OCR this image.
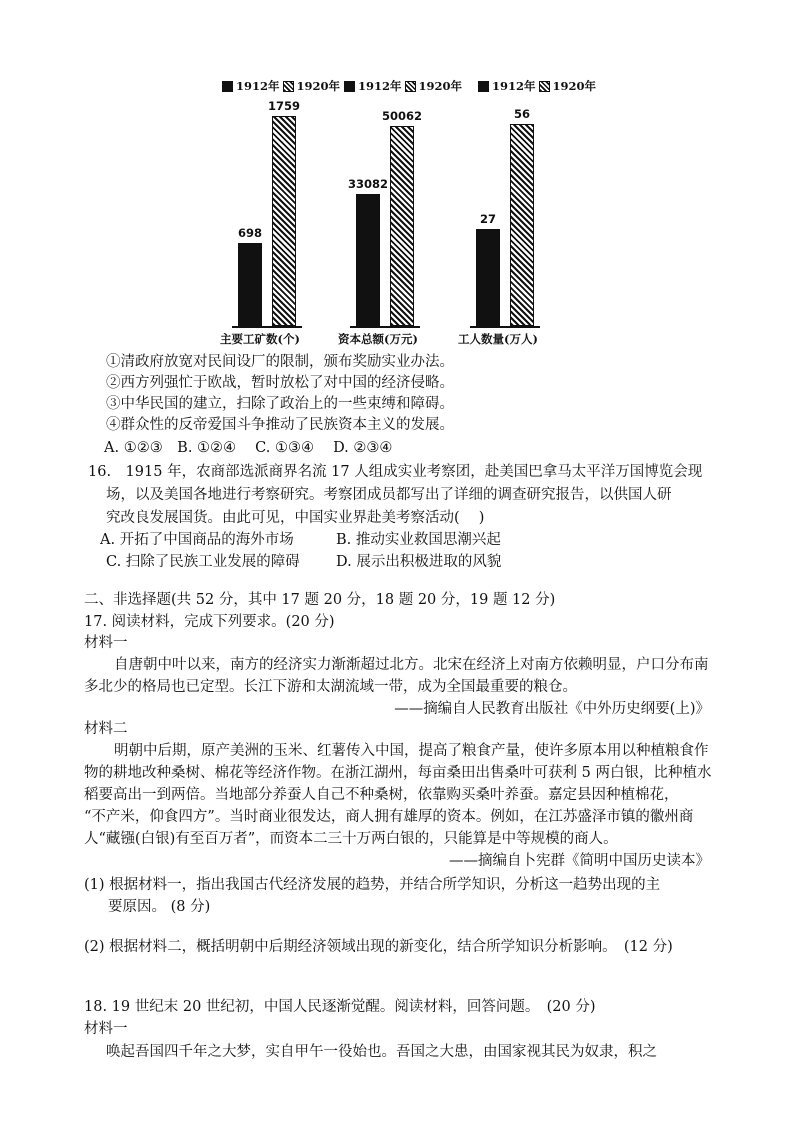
1912年 1920年
698
1759
主要工矿数(个)
1912年 1920年
33082
50062
资本总额(万元)
1912年 1920年
27
56
工人数量(万人)
①清政府放宽对民间设厂的限制，颁布奖励实业办法。
②西方列强忙于欧战，暂时放松了对中国的经济侵略。
③中华民国的建立，扫除了政治上的一些束缚和障碍。
④群众性的反帝爱国斗争推动了民族资本主义的发展。
A. ①②③　B. ①②④　 C. ①③④　 D. ②③④
16.　1915 年，农商部选派商界名流 17 人组成实业考察团，赴美国巴拿马太平洋万国博览会现
场，以及美国各地进行考察研究。考察团成员都写出了详细的调查研究报告，以供国人研
究改良发展国货。由此可见，中国实业界赴美考察活动(　 )
A. 开拓了中国商品的海外市场	B. 推动实业救国思潮兴起
C. 扫除了民族工业发展的障碍 D. 展示出积极进取的风貌
二、非选择题(共 52 分，其中 17 题 20 分，18 题 20 分，19 题 12 分)
17. 阅读材料，完成下列要求。(20 分)
材料一
自唐朝中叶以来，南方的经济实力渐渐超过北方。北宋在经济上对南方依赖明显，户口分布南
多北少的格局也已定型。长江下游和太湖流域一带，成为全国最重要的粮仓。
——摘编自人民教育出版社《中外历史纲要(上)》
材料二
明朝中后期，原产美洲的玉米、红薯传入中国，提高了粮食产量，使许多原本用以种植粮食作
物的耕地改种桑树、棉花等经济作物。在浙江湖州，每亩桑田出售桑叶可获利 5 两白银，比种植水
稻要高出一到两倍。当地部分养蚕人自己不种桑树，依靠购买桑叶养蚕。嘉定县因种植棉花，
“不产米，仰食四方”。当时商业很发达，商人拥有雄厚的资本。例如，在江苏盛泽市镇的徽州商
人“藏镪(白银)有至百万者”，而资本二三十万两白银的，只能算是中等规模的商人。
——摘编自卜宪群《简明中国历史读本》
(1) 根据材料一，指出我国古代经济发展的趋势，并结合所学知识，分析这一趋势出现的主
要原因。 (8 分)
(2) 根据材料二，概括明朝中后期经济领域出现的新变化，结合所学知识分析影响。　(12 分)
18. 19 世纪末 20 世纪初，中国人民逐渐觉醒。阅读材料，回答问题。　(20 分)
材料一
唤起吾国四千年之大梦，实自甲午一役始也。吾国之大患，由国家视其民为奴隶，积之
